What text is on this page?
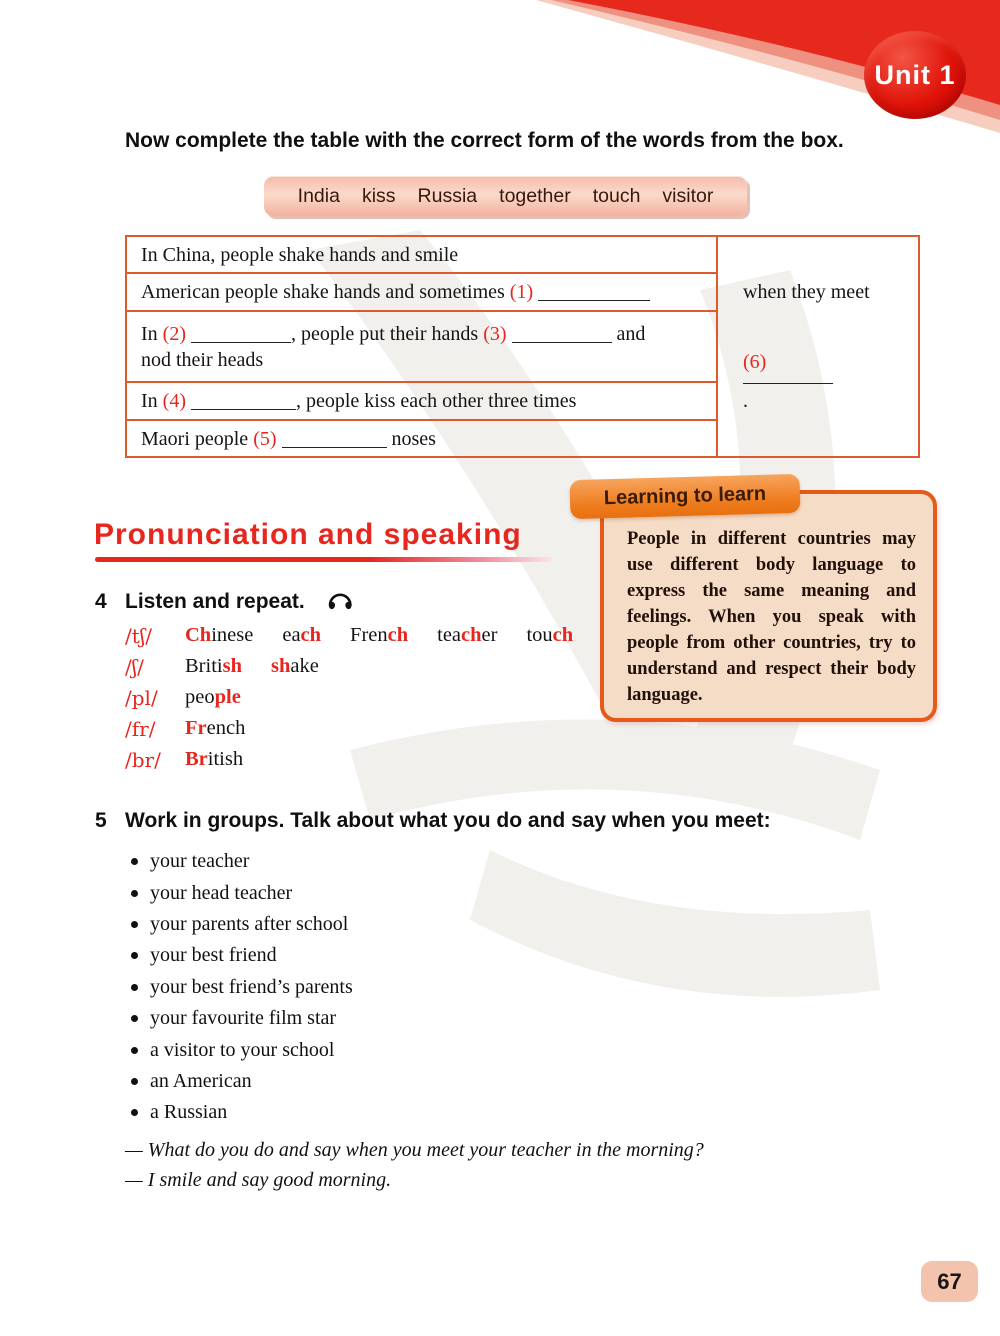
Unit 1
Now complete the table with the correct form of the words from the box.
India kiss Russia together touch visitor
In China, people shake hands and smile
American people shake hands and sometimes (1)
In (2)	, people put their hands (3)	and
nod their heads
In (4)	, people kiss each other three times
Maori people (5)	noses
when they meet

(6)
.
Pronunciation and speaking
4 Listen and repeat.
/tʃ/	Chinese each French teacher touch
/ʃ/	British shake
/pl/	people
/fr/	French
/br/	British
Learning to learn

People in different countries may use different body language to express the same meaning and feelings. When you speak with people from other countries, try to understand and respect their body language.

5 Work in groups. Talk about what you do and say when you meet:
your teacher
your head teacher
your parents after school
your best friend
your best friend’s parents
your favourite film star
a visitor to your school
an American
a Russian
— What do you do and say when you meet your teacher in the morning?
— I smile and say good morning.
67
